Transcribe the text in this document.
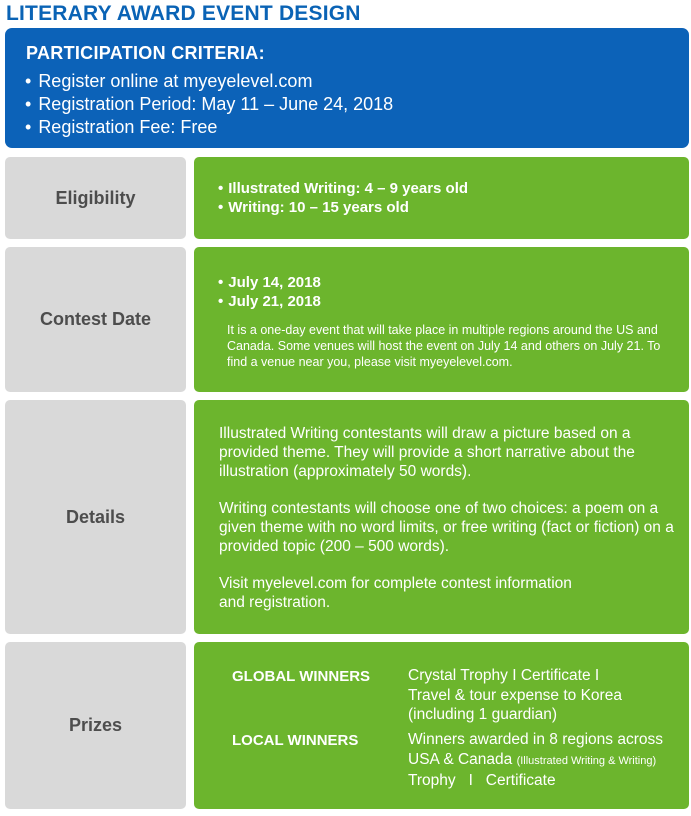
LITERARY AWARD EVENT DESIGN
PARTICIPATION CRITERIA:
• Register online at myeyelevel.com
• Registration Period: May 11 – June 24, 2018
• Registration Fee: Free
Eligibility
•	Illustrated Writing: 4 – 9 years old
• Writing: 10 – 15 years old
Contest Date
• July 14, 2018
• July 21, 2018
It is a one-day event that will take place in multiple regions around the US and Canada. Some venues will host the event on July 14 and others on July 21. To find a venue near you, please visit myeyelevel.com.
Details

Illustrated Writing contestants will draw a picture based on a provided theme. They will provide a short narrative about the illustration (approximately 50 words).

Writing contestants will choose one of two choices: a poem on a given theme with no word limits, or free writing (fact or fiction) on a provided topic (200 – 500 words).

Visit myelevel.com for complete contest information and registration.

Prizes
GLOBAL WINNERS Crystal Trophy I Certificate I
Travel & tour expense to Korea
(including 1 guardian)
LOCAL WINNERS	Winners awarded in 8 regions across
USA & Canada (Illustrated Writing & Writing)
Trophy   I   Certificate
